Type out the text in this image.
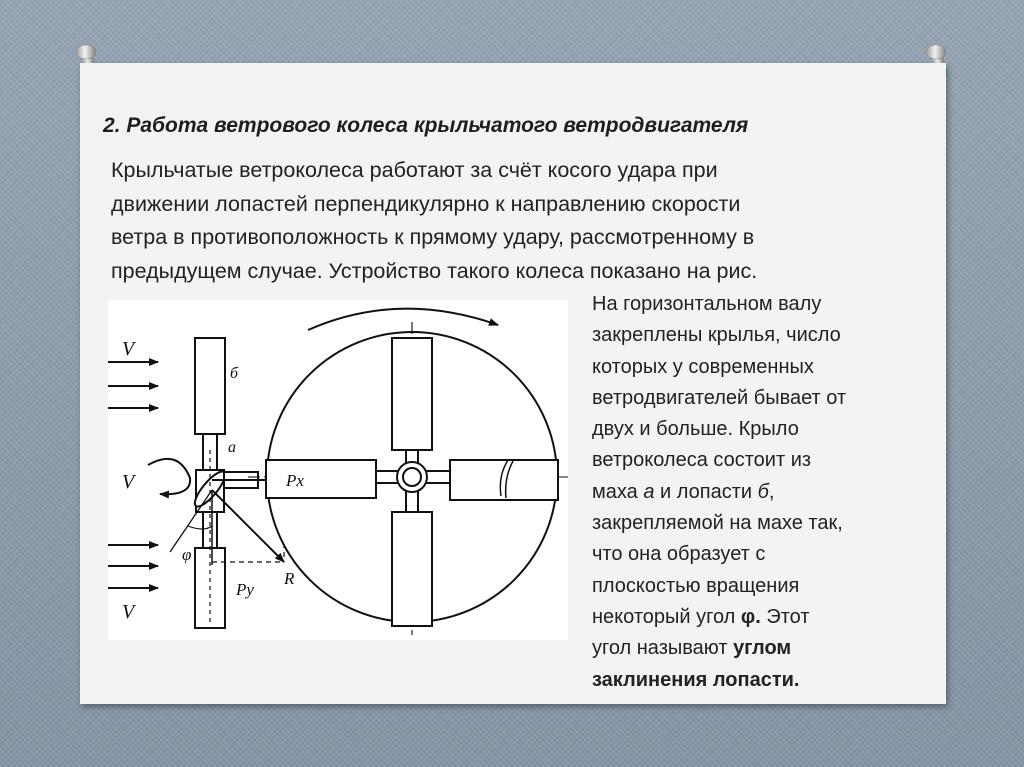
2. Работа ветрового колеса крыльчатого ветродвигателя

Крыльчатые ветроколеса работают за счёт косого удара при
движении лопастей перпендикулярно к направлению скорости
ветра в противоположность к прямому удару, рассмотренному в
предыдущем случае. Устройство такого колеса показано на рис.

V
V
V
б
а
Px
Py
R
φ

На горизонтальном валу
закреплены крылья, число
которых у современных
ветродвигателей бывает от
двух и больше. Крыло
ветроколеса состоит из
маха а и лопасти б,
закрепляемой на махе так,
что она образует с
плоскостью вращения
некоторый угол φ. Этот
угол называют углом
заклинения лопасти.
